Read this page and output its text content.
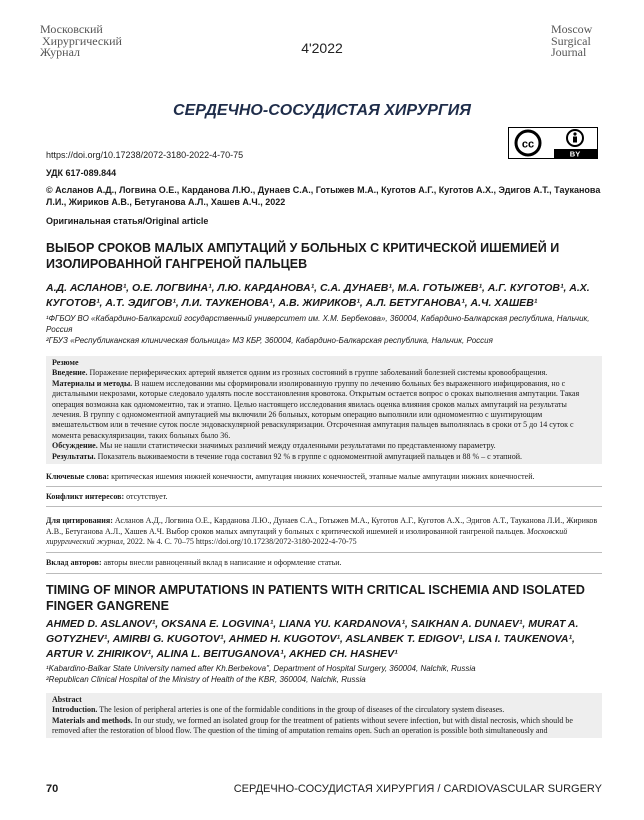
Московский
Хирургический
Журнал	4'2022
Moscow
Surgical
Journal
СЕРДЕЧНО-СОСУДИСТАЯ ХИРУРГИЯ
cc
BY
https://doi.org/10.17238/2072-3180-2022-4-70-75
УДК 617-089.844
© Асланов А.Д., Логвина О.Е., Карданова Л.Ю., Дунаев С.А., Готыжев М.А., Куготов А.Г., Куготов А.Х., Эдигов А.Т., Тауканова Л.И., Жириков А.В., Бетуганова А.Л., Хашев А.Ч., 2022
Оригинальная статья/Original article
ВЫБОР СРОКОВ МАЛЫХ АМПУТАЦИЙ У БОЛЬНЫХ С КРИТИЧЕСКОЙ ИШЕМИЕЙ И ИЗОЛИРОВАННОЙ ГАНГРЕНОЙ ПАЛЬЦЕВ
А.Д. АСЛАНОВ¹, О.Е. ЛОГВИНА¹, Л.Ю. КАРДАНОВА¹, С.А. ДУНАЕВ¹, М.А. ГОТЫЖЕВ¹, А.Г. КУГОТОВ¹, А.Х. КУГОТОВ¹, А.Т. ЭДИГОВ¹, Л.И. ТАУКЕНОВА¹, А.В. ЖИРИКОВ¹, А.Л. БЕТУГАНОВА¹, А.Ч. ХАШЕВ¹
¹ФГБОУ ВО «Кабардино-Балкарский государственный университет им. Х.М. Бербекова», 360004, Кабардино-Балкарская республика, Нальчик, Россия
²ГБУЗ «Республиканская клиническая больница» МЗ КБР, 360004, Кабардино-Балкарская республика, Нальчик, Россия

Резюме

Введение. Поражение периферических артерий является одним из грозных состояний в группе заболеваний болезней системы кровообращения.

Материалы и методы. В нашем исследовании мы сформировали изолированную группу по лечению больных без выраженного инфицирования, но с дистальными некрозами, которые следовало удалять после восстановления кровотока. Открытым остается вопрос о сроках выполнения ампутации. Такая операция возможна как одномоментно, так и этапно. Целью настоящего исследования явилась оценка влияния сроков малых ампутаций на результаты лечения. В группу с одномоментной ампутацией мы включили 26 больных, которым операцию выполнили или одномоментно с шунтирующим вмешательством или в течение суток после эндоваскулярной реваскуляризации. Отсроченная ампутация пальцев выполнялась в сроки от 5 до 14 суток с момента реваскуляризации, таких больных было 36.

Обсуждение. Мы не нашли статистически значимых различий между отдаленными результатами по представленному параметру.

Результаты. Показатель выживаемости в течение года составил 92 % в группе с одномоментной ампутацией пальцев и 88 % – с этапной.

Ключевые слова: критическая ишемия нижней конечности, ампутация нижних конечностей, этапные малые ампутации нижних конечностей.
Конфликт интересов: отсутствует.
Для цитирования: Асланов А.Д., Логвина О.Е., Карданова Л.Ю., Дунаев С.А., Готыжев М.А., Куготов А.Г., Куготов А.Х., Эдигов А.Т., Тауканова Л.И., Жириков А.В., Бетуганова А.Л., Хашев А.Ч. Выбор сроков малых ампутаций у больных с критической ишемией и изолированной гангреной пальцев. Московский хирургический журнал, 2022. № 4. С. 70–75 https://doi.org/10.17238/2072-3180-2022-4-70-75
Вклад авторов: авторы внесли равноценный вклад в написание и оформление статьи.
TIMING OF MINOR AMPUTATIONS IN PATIENTS WITH CRITICAL ISCHEMIA AND ISOLATED FINGER GANGRENE
AHMED D. ASLANOV¹, OKSANA E. LOGVINA¹, LIANA YU. KARDANOVA¹, SAIKHAN A. DUNAEV¹, MURAT A. GOTYZHEV¹, AMIRBI G. KUGOTOV¹, AHMED H. KUGOTOV¹, ASLANBEK T. EDIGOV¹, LISA I. TAUKENOVA¹, ARTUR V. ZHIRIKOV¹, ALINA L. BEITUGANOVA¹, AKHED CH. HASHEV¹
¹Kabardino-Balkar State University named after Kh.Berbekova", Department of Hospital Surgery, 360004, Nalchik, Russia
²Republican Clinical Hospital of the Ministry of Health of the KBR, 360004, Nalchik, Russia

Abstract

Introduction. The lesion of peripheral arteries is one of the formidable conditions in the group of diseases of the circulatory system diseases.

Materials and methods. In our study, we formed an isolated group for the treatment of patients without severe infection, but with distal necrosis, which should be removed after the restoration of blood flow. The question of the timing of amputation remains open. Such an operation is possible both simultaneously and

70	СЕРДЕЧНО-СОСУДИСТАЯ ХИРУРГИЯ / CARDIOVASCULAR SURGERY
